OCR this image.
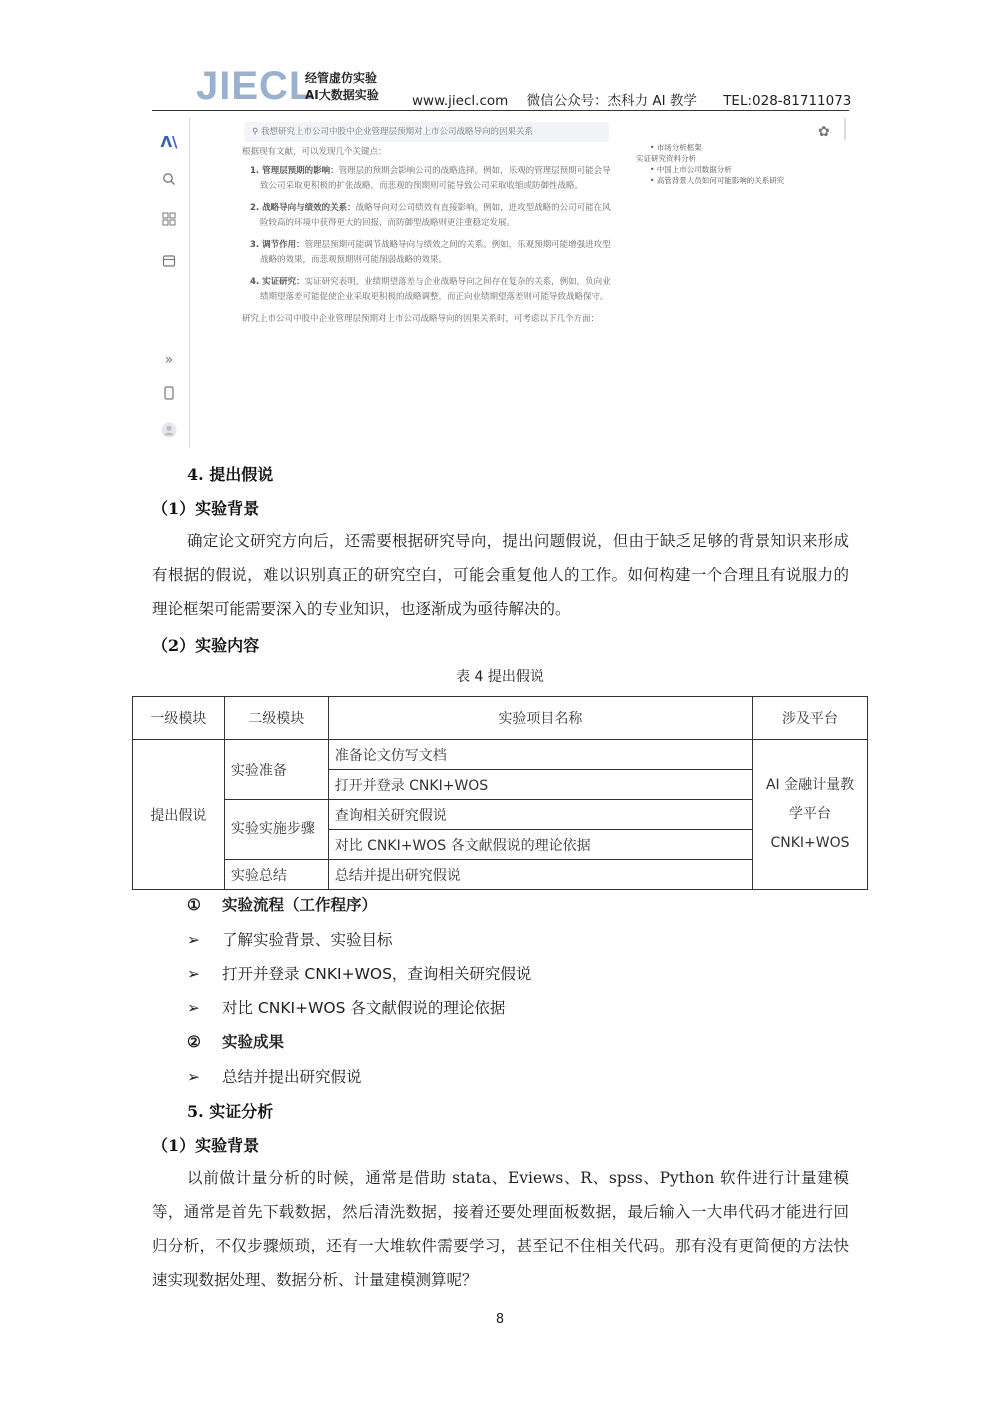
JIECL
经管虚仿实验
AI大数据实验 www.jiecl.com 微信公众号：杰科力 AI 教学 TEL:028-81711073
Ʌ\
»
⚲ 我想研究上市公司中股中企业管理层预期对上市公司战略导向的因果关系	✿
• 市场分析框架
实证研究资料分析
• 中国上市公司数据分析
• 高管背景人员如何可能影响的关系研究

根据现有文献，可以发现几个关键点：

1. 管理层预期的影响：管理层的预期会影响公司的战略选择。例如，乐观的管理层预期可能会导致公司采取更积极的扩张战略，而悲观的预期则可能导致公司采取收缩或防御性战略。

2. 战略导向与绩效的关系：战略导向对公司绩效有直接影响。例如，进攻型战略的公司可能在风险较高的环境中获得更大的回报，而防御型战略则更注重稳定发展。

3. 调节作用：管理层预期可能调节战略导向与绩效之间的关系。例如，乐观预期可能增强进攻型战略的效果，而悲观预期则可能削弱战略的效果。

4. 实证研究：实证研究表明，业绩期望落差与企业战略导向之间存在复杂的关系，例如，负向业绩期望落差可能促使企业采取更积极的战略调整，而正向业绩期望落差则可能导致战略保守。

研究上市公司中股中企业管理层预期对上市公司战略导向的因果关系时，可考虑以下几个方面：

4. 提出假说
（1）实验背景
确定论文研究方向后，还需要根据研究导向，提出问题假说，但由于缺乏足够的背景知识来形成有根据的假说，难以识别真正的研究空白，可能会重复他人的工作。如何构建一个合理且有说服力的理论框架可能需要深入的专业知识，也逐渐成为亟待解决的。
（2）实验内容
表 4 提出假说
一级模块	二级模块	实验项目名称	涉及平台
提出假说	实验准备	准备论文仿写文档	AI 金融计量教学平台 CNKI+WOS
		打开并登录 CNKI+WOS	
	实验实施步骤	查询相关研究假说	
		对比 CNKI+WOS 各文献假说的理论依据	
	实验总结	总结并提出研究假说	
① 实验流程（工作程序）
➢ 了解实验背景、实验目标
➢ 打开并登录 CNKI+WOS，查询相关研究假说
➢ 对比 CNKI+WOS 各文献假说的理论依据
② 实验成果
➢ 总结并提出研究假说
5. 实证分析
（1）实验背景
以前做计量分析的时候，通常是借助 stata、Eviews、R、spss、Python 软件进行计量建模等，通常是首先下载数据，然后清洗数据，接着还要处理面板数据，最后输入一大串代码才能进行回归分析，不仅步骤烦琐，还有一大堆软件需要学习，甚至记不住相关代码。那有没有更简便的方法快速实现数据处理、数据分析、计量建模测算呢？
8
